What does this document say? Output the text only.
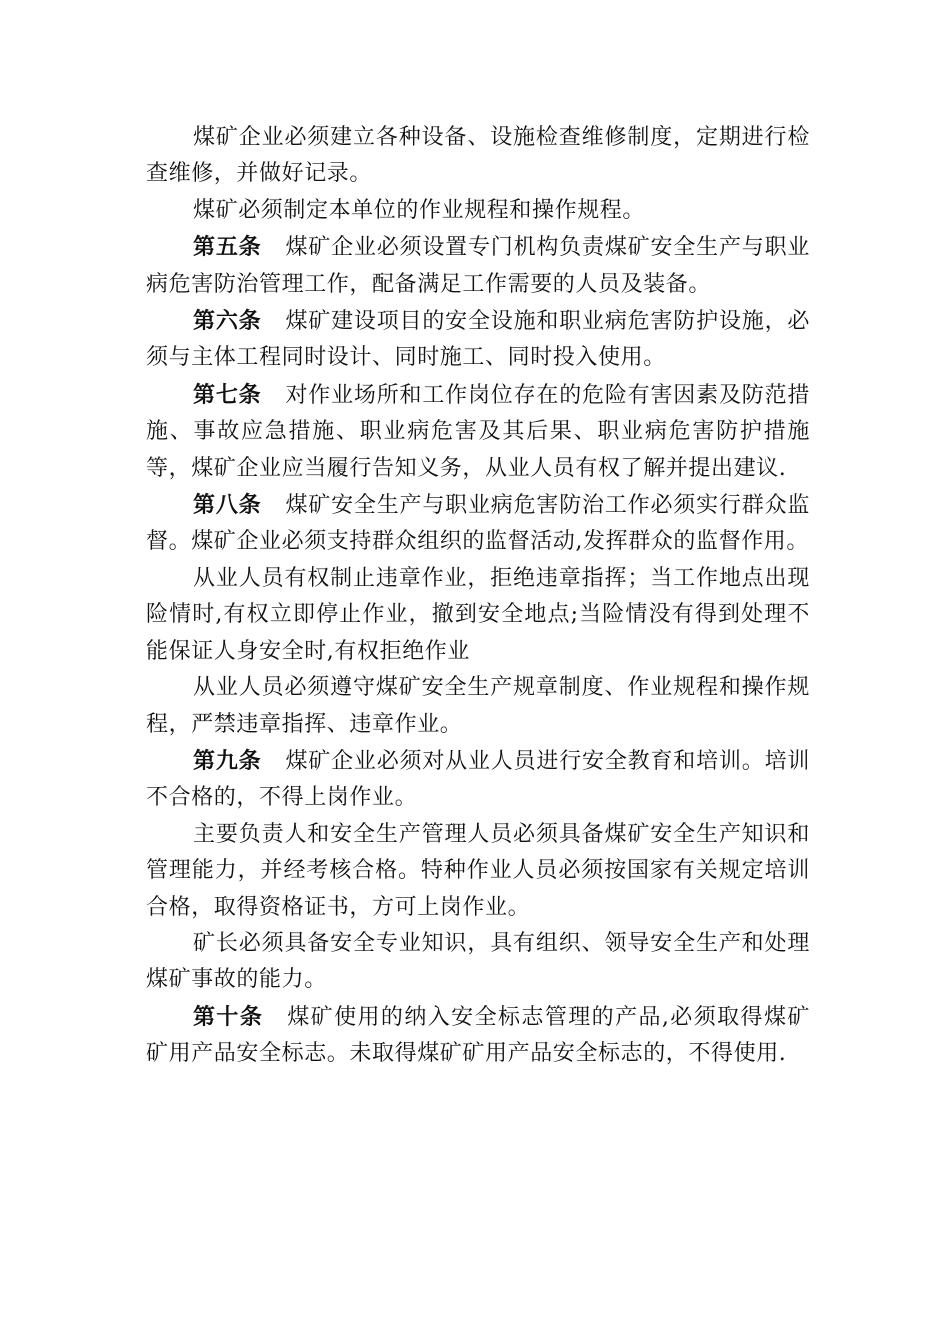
煤矿企业必须建立各种设备、设施检查维修制度，定期进行检查维修，并做好记录。

煤矿必须制定本单位的作业规程和操作规程。

第五条 煤矿企业必须设置专门机构负责煤矿安全生产与职业病危害防治管理工作，配备满足工作需要的人员及装备。

第六条 煤矿建设项目的安全设施和职业病危害防护设施，必须与主体工程同时设计、同时施工、同时投入使用。

第七条 对作业场所和工作岗位存在的危险有害因素及防范措施、事故应急措施、职业病危害及其后果、职业病危害防护措施等，煤矿企业应当履行告知义务，从业人员有权了解并提出建议.

第八条 煤矿安全生产与职业病危害防治工作必须实行群众监督。煤矿企业必须支持群众组织的监督活动,发挥群众的监督作用。

从业人员有权制止违章作业，拒绝违章指挥；当工作地点出现险情时,有权立即停止作业，撤到安全地点;当险情没有得到处理不能保证人身安全时,有权拒绝作业

从业人员必须遵守煤矿安全生产规章制度、作业规程和操作规程，严禁违章指挥、违章作业。

第九条 煤矿企业必须对从业人员进行安全教育和培训。培训不合格的，不得上岗作业。

主要负责人和安全生产管理人员必须具备煤矿安全生产知识和管理能力，并经考核合格。特种作业人员必须按国家有关规定培训合格，取得资格证书，方可上岗作业。

矿长必须具备安全专业知识，具有组织、领导安全生产和处理煤矿事故的能力。

第十条 煤矿使用的纳入安全标志管理的产品,必须取得煤矿矿用产品安全标志。未取得煤矿矿用产品安全标志的，不得使用.
